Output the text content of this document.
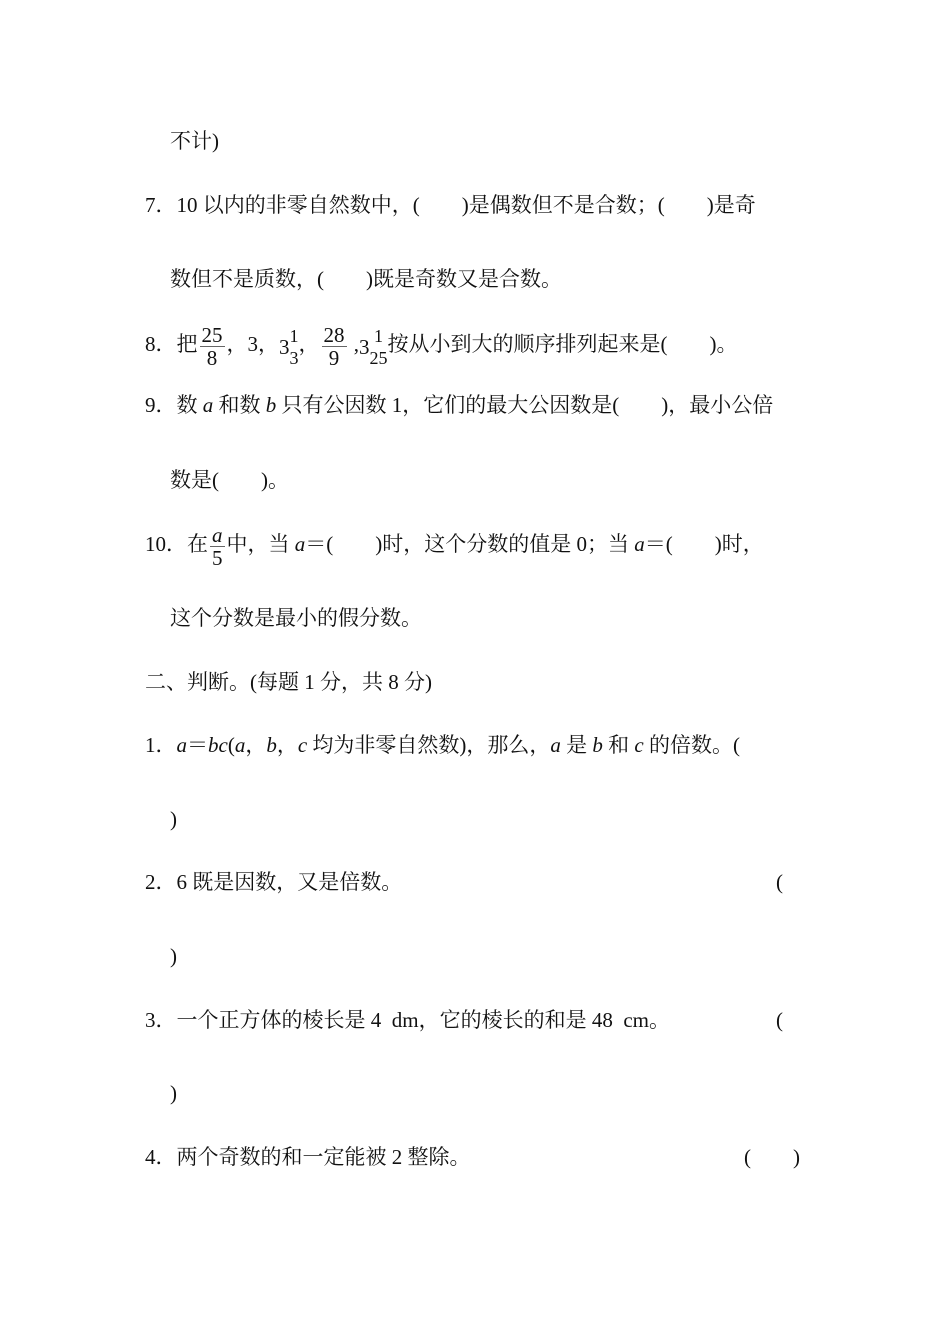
不计)
7．10 以内的非零自然数中，(　　)是偶数但不是合数；(　　)是奇
数但不是质数，(　　)既是奇数又是合数。
8．把 $\frac{25}{8}$ ，3，3 1
3
， $\frac{28}{9} ,3$ 1
25
按从小到大的顺序排列起来是(　　)。
9．数 a 和数 b 只有公因数 1，它们的最大公因数是(　　)，最小公倍
数是(　　)。
10．在 $\frac{a}{5}$ 中，当 a＝(　　)时，这个分数的值是 0；当 a＝(　　)时，
这个分数是最小的假分数。
二、判断。(每题 1 分，共 8 分)
1．a＝bc(a，b，c 均为非零自然数)，那么，a 是 b 和 c 的倍数。(
)
2．6 既是因数，又是倍数。	(
)
3．一个正方体的棱长是 4  dm，它的棱长的和是 48  cm。	(
)
4．两个奇数的和一定能被 2 整除。	(　　)
